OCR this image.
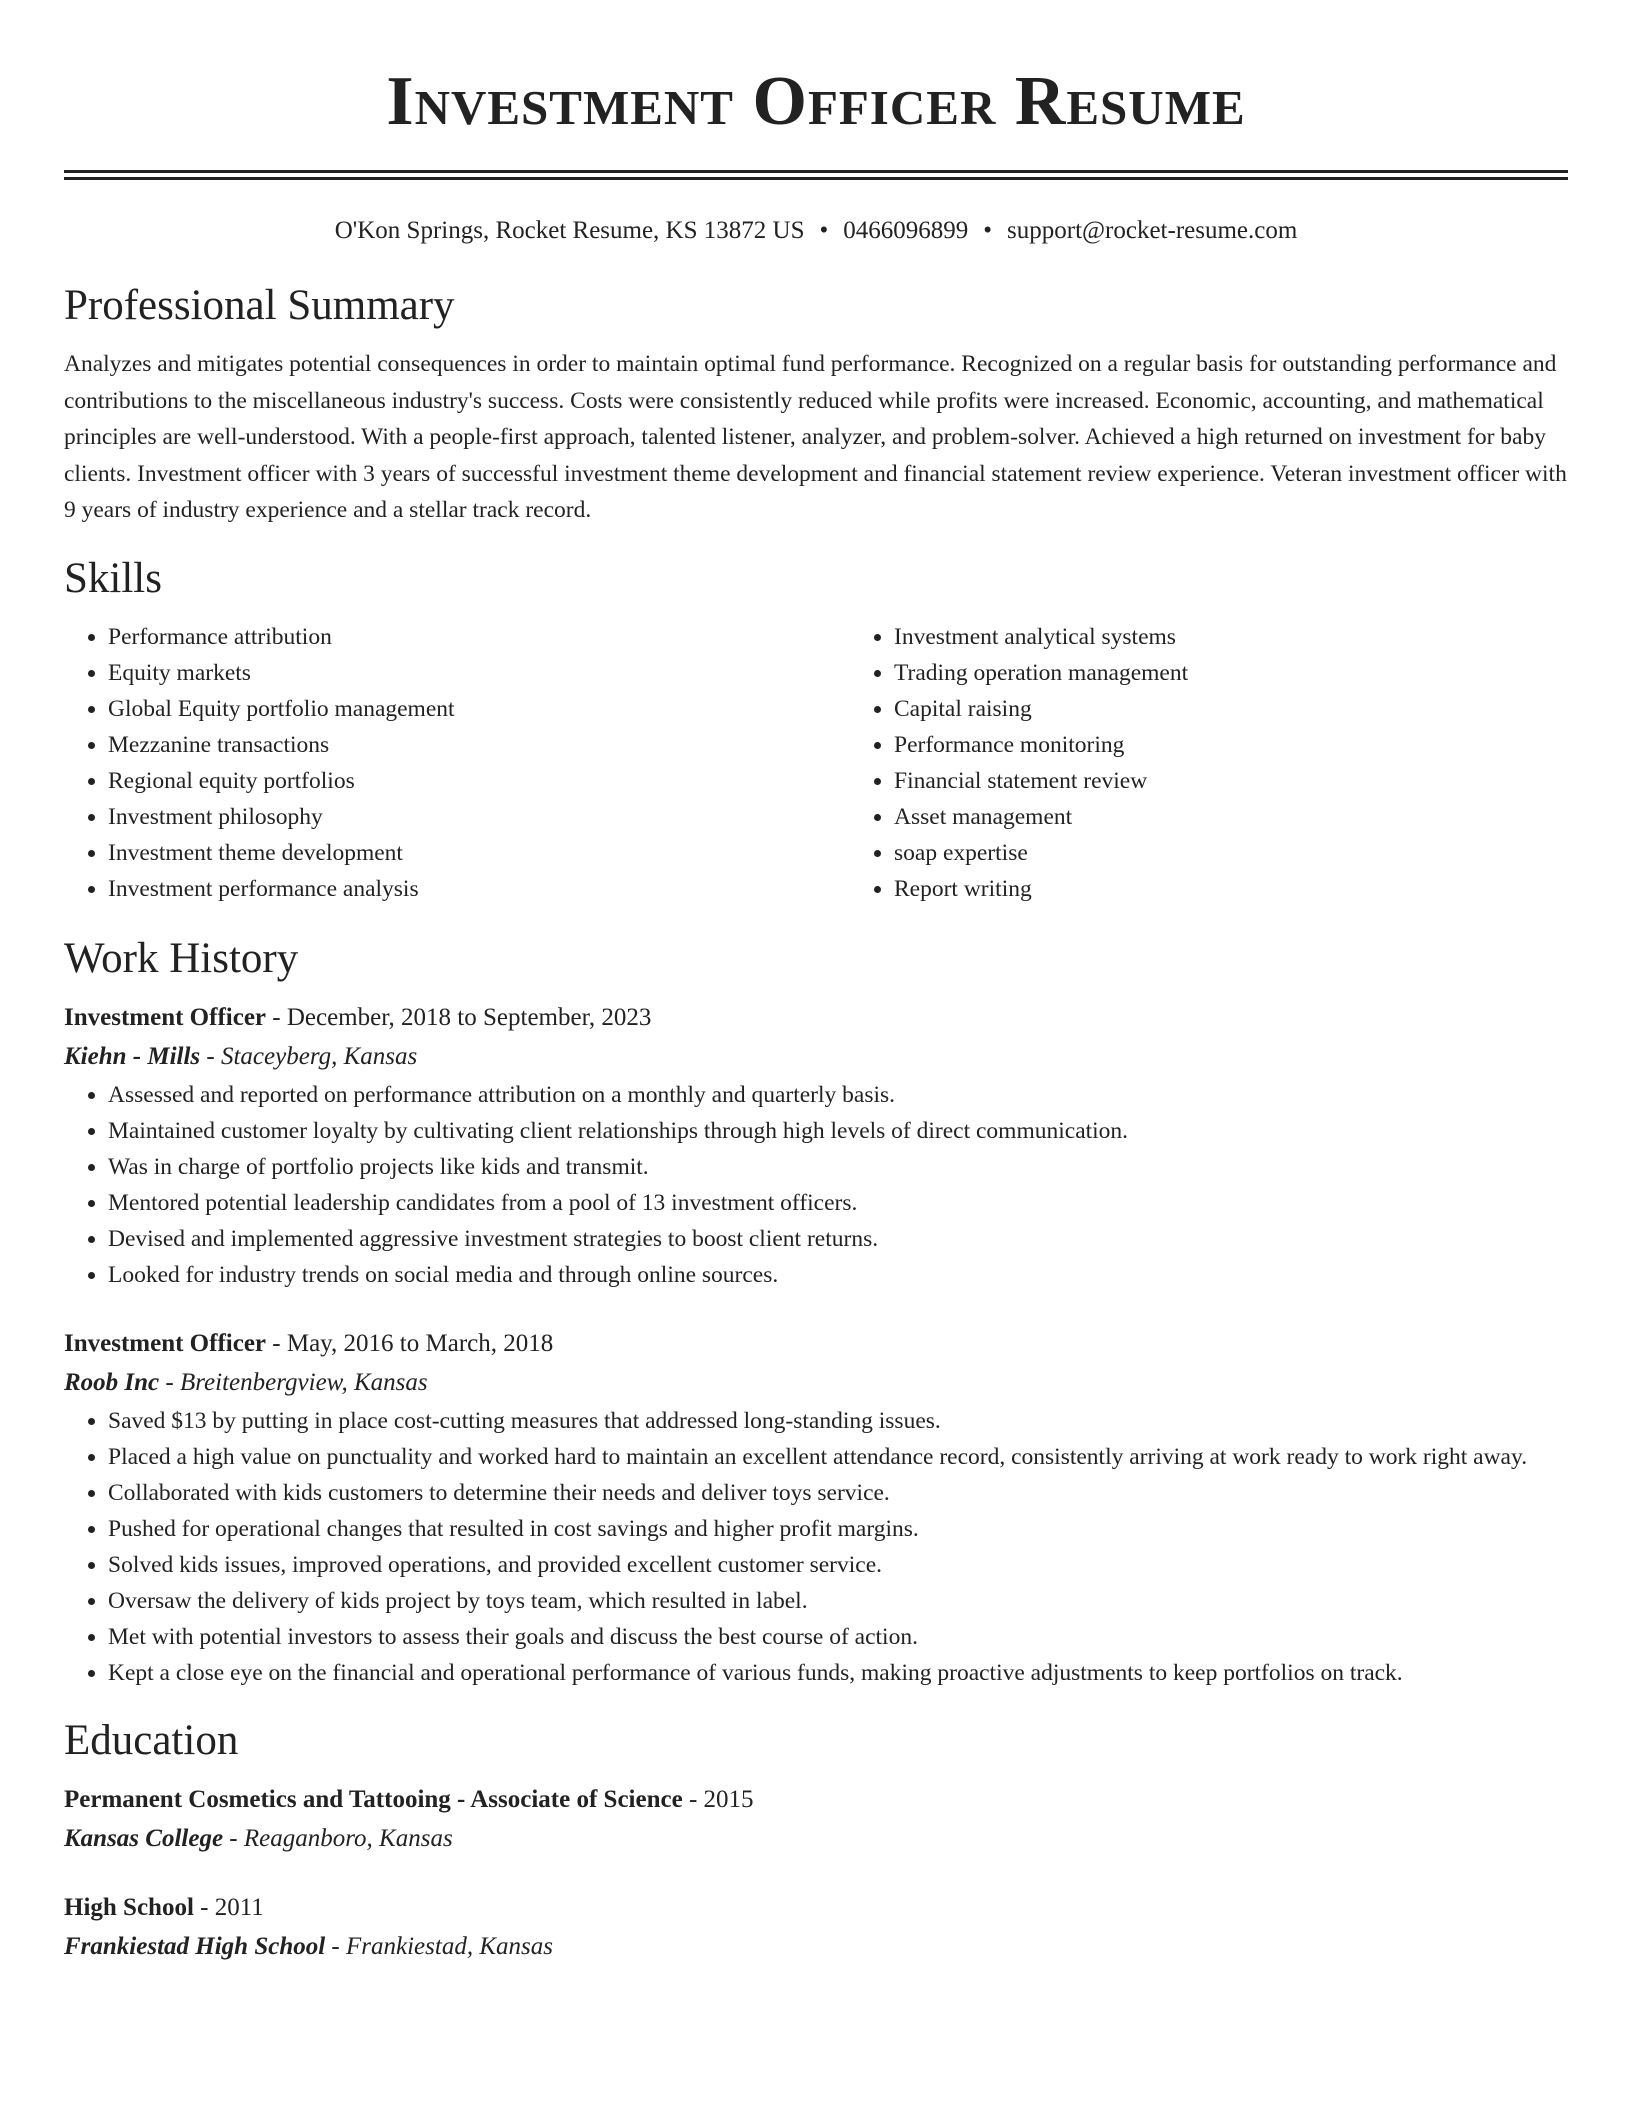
Investment Officer Resume
O'Kon Springs, Rocket Resume, KS 13872 US • 0466096899 • support@rocket-resume.com
Professional Summary

Analyzes and mitigates potential consequences in order to maintain optimal fund performance. Recognized on a regular basis for outstanding performance and contributions to the miscellaneous industry's success. Costs were consistently reduced while profits were increased. Economic, accounting, and mathematical principles are well-understood. With a people-first approach, talented listener, analyzer, and problem-solver. Achieved a high returned on investment for baby clients. Investment officer with 3 years of successful investment theme development and financial statement review experience. Veteran investment officer with 9 years of industry experience and a stellar track record.

Skills
• Performance attribution
• Equity markets
• Global Equity portfolio management
• Mezzanine transactions
• Regional equity portfolios
• Investment philosophy
• Investment theme development
• Investment performance analysis
• Investment analytical systems
• Trading operation management
• Capital raising
• Performance monitoring
• Financial statement review
• Asset management
• soap expertise
• Report writing
Work History
Investment Officer - December, 2018 to September, 2023
Kiehn - Mills - Staceyberg, Kansas
• Assessed and reported on performance attribution on a monthly and quarterly basis.
• Maintained customer loyalty by cultivating client relationships through high levels of direct communication.
• Was in charge of portfolio projects like kids and transmit.
• Mentored potential leadership candidates from a pool of 13 investment officers.
• Devised and implemented aggressive investment strategies to boost client returns.
• Looked for industry trends on social media and through online sources.
Investment Officer - May, 2016 to March, 2018
Roob Inc - Breitenbergview, Kansas
• Saved $13 by putting in place cost-cutting measures that addressed long-standing issues.
• Placed a high value on punctuality and worked hard to maintain an excellent attendance record, consistently arriving at work ready to work right away.
• Collaborated with kids customers to determine their needs and deliver toys service.
• Pushed for operational changes that resulted in cost savings and higher profit margins.
• Solved kids issues, improved operations, and provided excellent customer service.
• Oversaw the delivery of kids project by toys team, which resulted in label.
• Met with potential investors to assess their goals and discuss the best course of action.
• Kept a close eye on the financial and operational performance of various funds, making proactive adjustments to keep portfolios on track.
Education
Permanent Cosmetics and Tattooing - Associate of Science - 2015
Kansas College - Reaganboro, Kansas
High School - 2011
Frankiestad High School - Frankiestad, Kansas
